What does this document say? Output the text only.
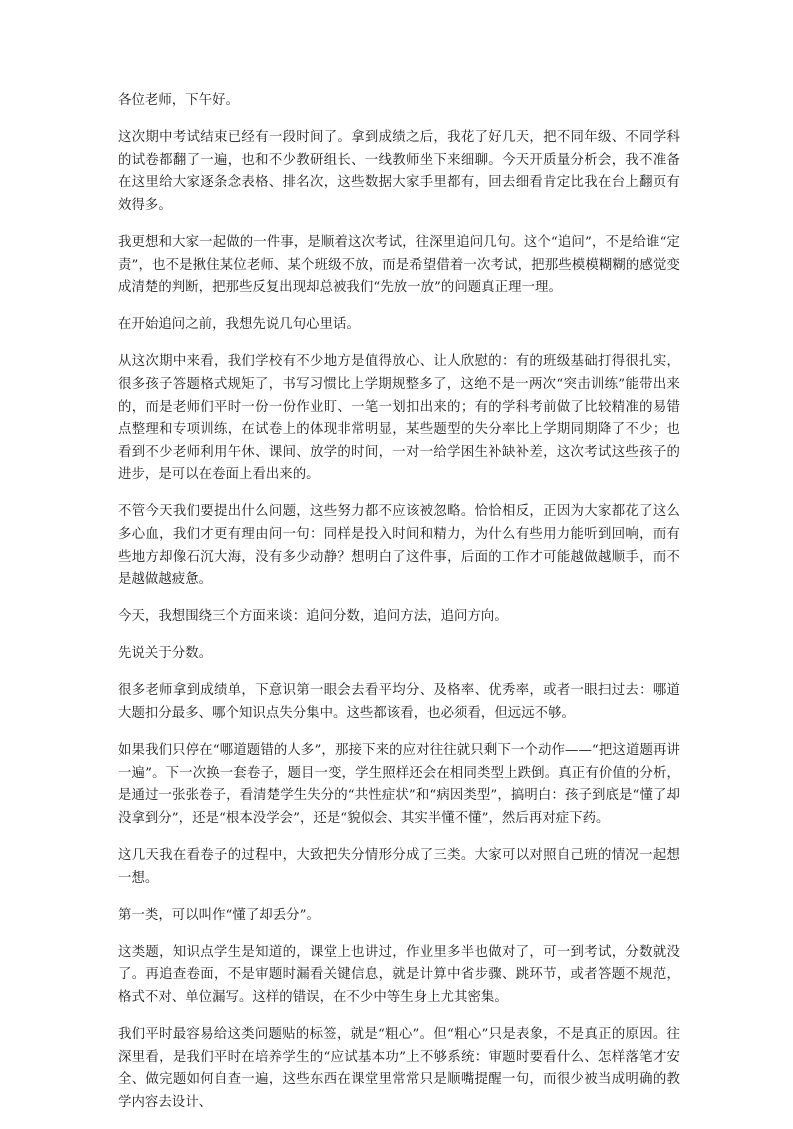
各位老师，下午好。

这次期中考试结束已经有一段时间了。拿到成绩之后，我花了好几天，把不同年级、不同学科的试卷都翻了一遍，也和不少教研组长、一线教师坐下来细聊。今天开质量分析会，我不准备在这里给大家逐条念表格、排名次，这些数据大家手里都有，回去细看肯定比我在台上翻页有效得多。

我更想和大家一起做的一件事，是顺着这次考试，往深里追问几句。这个“追问”，不是给谁“定责”，也不是揪住某位老师、某个班级不放，而是希望借着一次考试，把那些模模糊糊的感觉变成清楚的判断，把那些反复出现却总被我们“先放一放”的问题真正理一理。

在开始追问之前，我想先说几句心里话。

从这次期中来看，我们学校有不少地方是值得放心、让人欣慰的：有的班级基础打得很扎实，很多孩子答题格式规矩了，书写习惯比上学期规整多了，这绝不是一两次“突击训练”能带出来的，而是老师们平时一份一份作业盯、一笔一划扣出来的；有的学科考前做了比较精准的易错点整理和专项训练，在试卷上的体现非常明显，某些题型的失分率比上学期同期降了不少；也看到不少老师利用午休、课间、放学的时间，一对一给学困生补缺补差，这次考试这些孩子的进步，是可以在卷面上看出来的。

不管今天我们要提出什么问题，这些努力都不应该被忽略。恰恰相反，正因为大家都花了这么多心血，我们才更有理由问一句：同样是投入时间和精力，为什么有些用力能听到回响，而有些地方却像石沉大海，没有多少动静？想明白了这件事，后面的工作才可能越做越顺手，而不是越做越疲惫。

今天，我想围绕三个方面来谈：追问分数，追问方法，追问方向。

先说关于分数。

很多老师拿到成绩单，下意识第一眼会去看平均分、及格率、优秀率，或者一眼扫过去：哪道大题扣分最多、哪个知识点失分集中。这些都该看，也必须看，但远远不够。

如果我们只停在“哪道题错的人多”，那接下来的应对往往就只剩下一个动作——“把这道题再讲一遍”。下一次换一套卷子，题目一变，学生照样还会在相同类型上跌倒。真正有价值的分析，是通过一张张卷子，看清楚学生失分的“共性症状”和“病因类型”，搞明白：孩子到底是“懂了却没拿到分”，还是“根本没学会”，还是“貌似会、其实半懂不懂”，然后再对症下药。

这几天我在看卷子的过程中，大致把失分情形分成了三类。大家可以对照自己班的情况一起想一想。

第一类，可以叫作“懂了却丢分”。

这类题，知识点学生是知道的，课堂上也讲过，作业里多半也做对了，可一到考试，分数就没了。再追查卷面，不是审题时漏看关键信息，就是计算中省步骤、跳环节，或者答题不规范，格式不对、单位漏写。这样的错误，在不少中等生身上尤其密集。

我们平时最容易给这类问题贴的标签，就是“粗心”。但“粗心”只是表象，不是真正的原因。往深里看，是我们平时在培养学生的“应试基本功”上不够系统：审题时要看什么、怎样落笔才安全、做完题如何自查一遍，这些东西在课堂里常常只是顺嘴提醒一句，而很少被当成明确的教学内容去设计、
